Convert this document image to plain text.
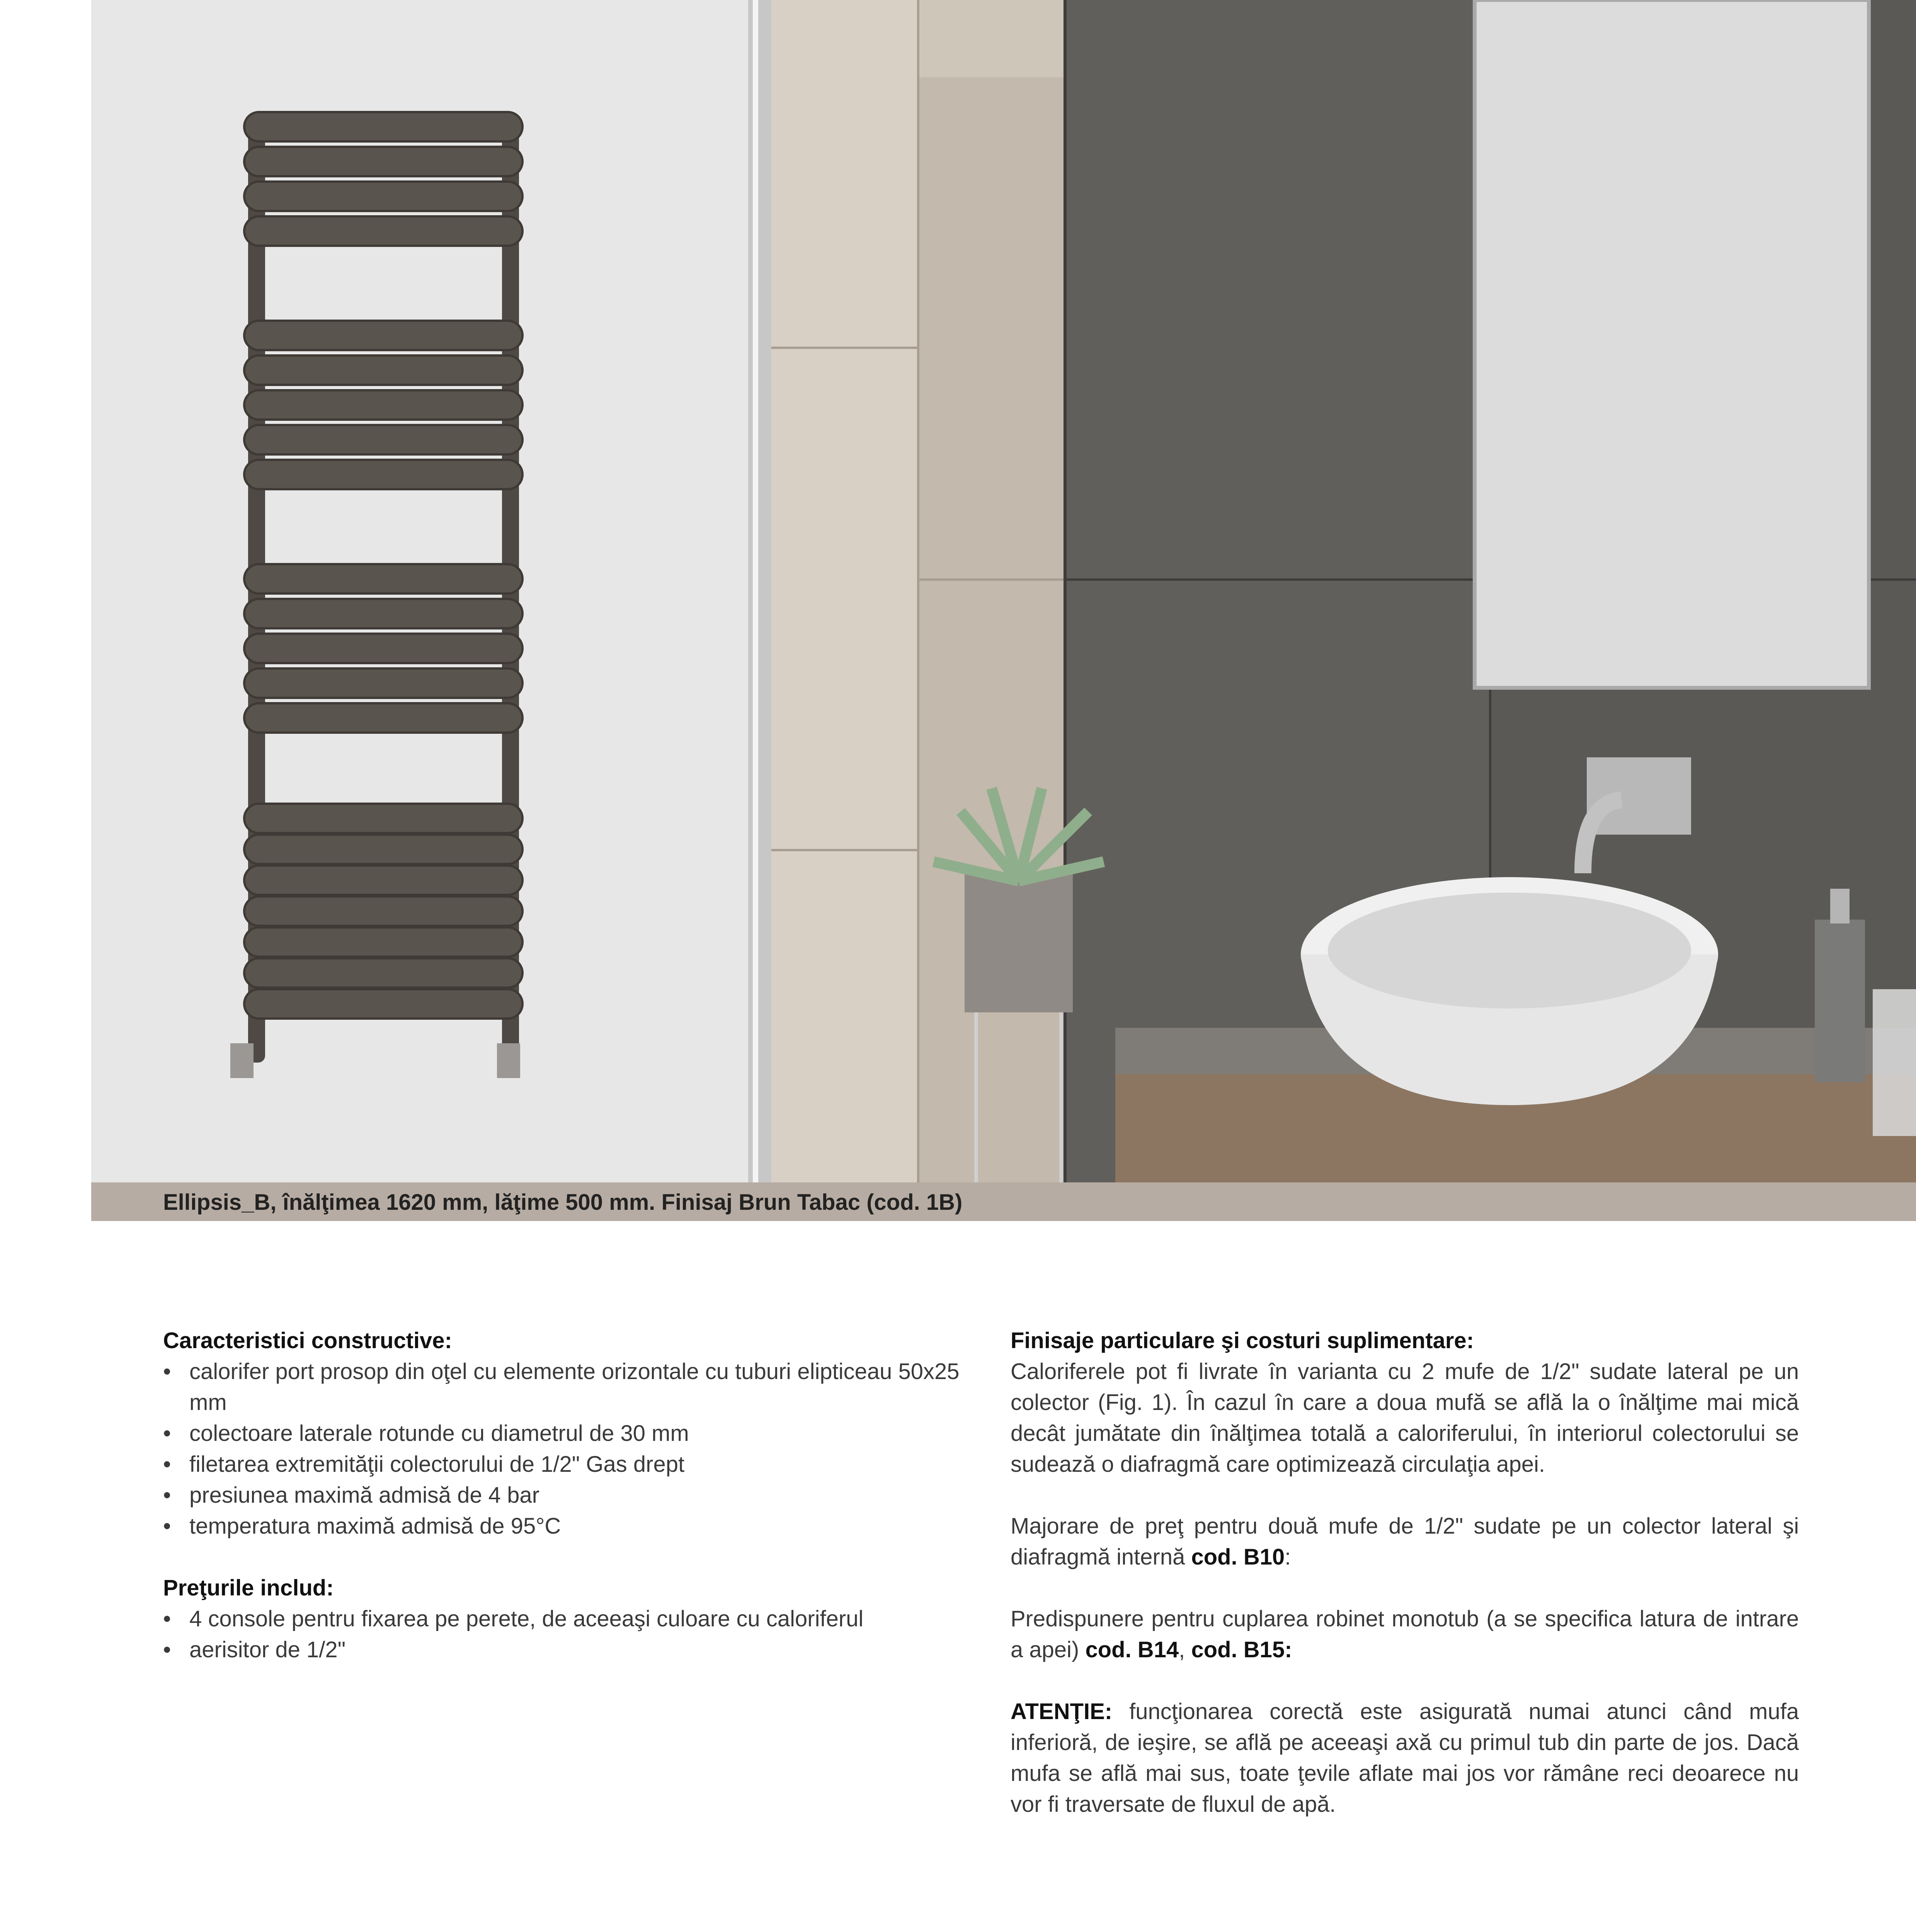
Ellipsis_B, înălţimea 1620 mm, lăţime 500 mm. Finisaj Brun Tabac (cod. 1B)
Caracteristici constructive:
• calorifer port prosop din oţel cu elemente orizontale cu tuburi elipticeau 50x25 mm
• colectoare laterale rotunde cu diametrul de 30 mm
• filetarea extremităţii colectorului de 1/2" Gas drept
• presiunea maximă admisă de 4 bar
• temperatura maximă admisă de 95°C
Preţurile includ:
• 4 console pentru fixarea pe perete, de aceeaşi culoare cu caloriferul
• aerisitor de 1/2"
Finisaje particulare şi costuri suplimentare:

Caloriferele pot fi livrate în varianta cu 2 mufe de 1/2" sudate lateral pe un colector (Fig. 1). În cazul în care a doua mufă se află la o înălţime mai mică decât jumătate din înălţimea totală a caloriferului, în interiorul colectorului se sudează o diafragmă care optimizează circulaţia apei.

Majorare de preţ pentru două mufe de 1/2" sudate pe un colector lateral şi diafragmă internă cod. B10:

Predispunere pentru cuplarea robinet monotub (a se specifica latura de intrare a apei) cod. B14, cod. B15:

ATENŢIE: funcţionarea corectă este asigurată numai atunci când mufa inferioră, de ieşire, se află pe aceeaşi axă cu primul tub din parte de jos. Dacă mufa se află mai sus, toate ţevile aflate mai jos vor rămâne reci deoarece nu vor fi traversate de fluxul de apă.
